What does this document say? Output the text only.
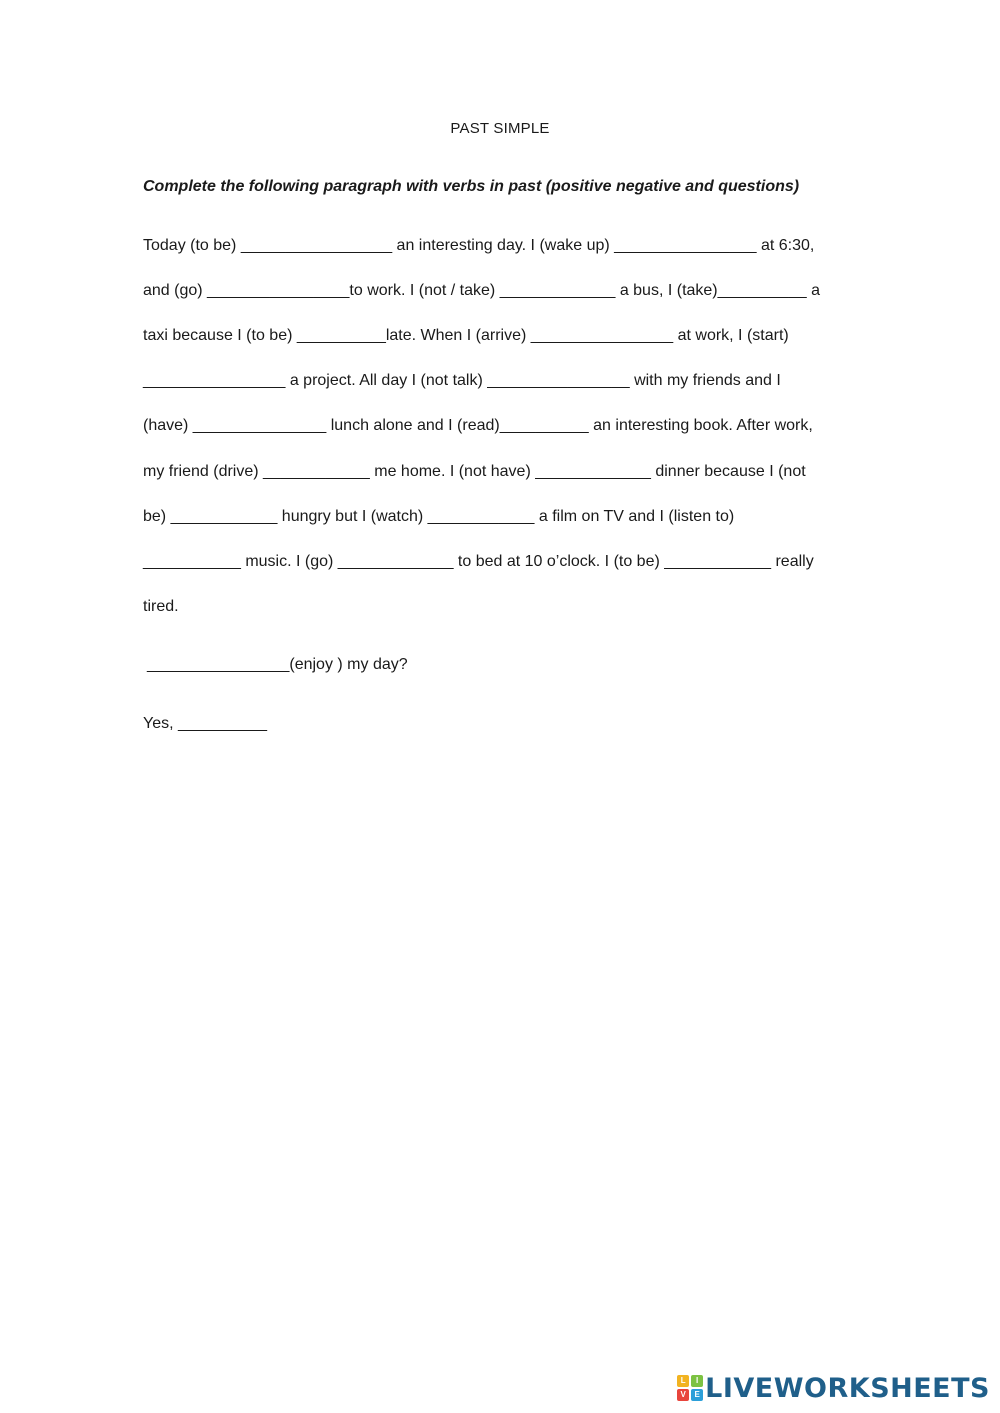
PAST SIMPLE
Complete the following paragraph with verbs in past (positive negative and questions)
Today (to be) _________________ an interesting day. I (wake up) ________________ at 6:30,
and (go) ________________to work. I (not / take) _____________ a bus, I (take)__________ a
taxi because I (to be) __________late. When I (arrive) ________________ at work, I (start)
________________ a project. All day I (not talk) ________________ with my friends and I
(have) _______________ lunch alone and I (read)__________ an interesting book. After work,
my friend (drive) ____________ me home. I (not have) _____________ dinner because I (not
be) ____________ hungry but I (watch) ____________ a film on TV and I (listen to)
___________ music. I (go) _____________ to bed at 10 o’clock. I (to be) ____________ really
tired.
________________(enjoy ) my day?
Yes, __________
L	I
V	E LIVEWORKSHEETS
